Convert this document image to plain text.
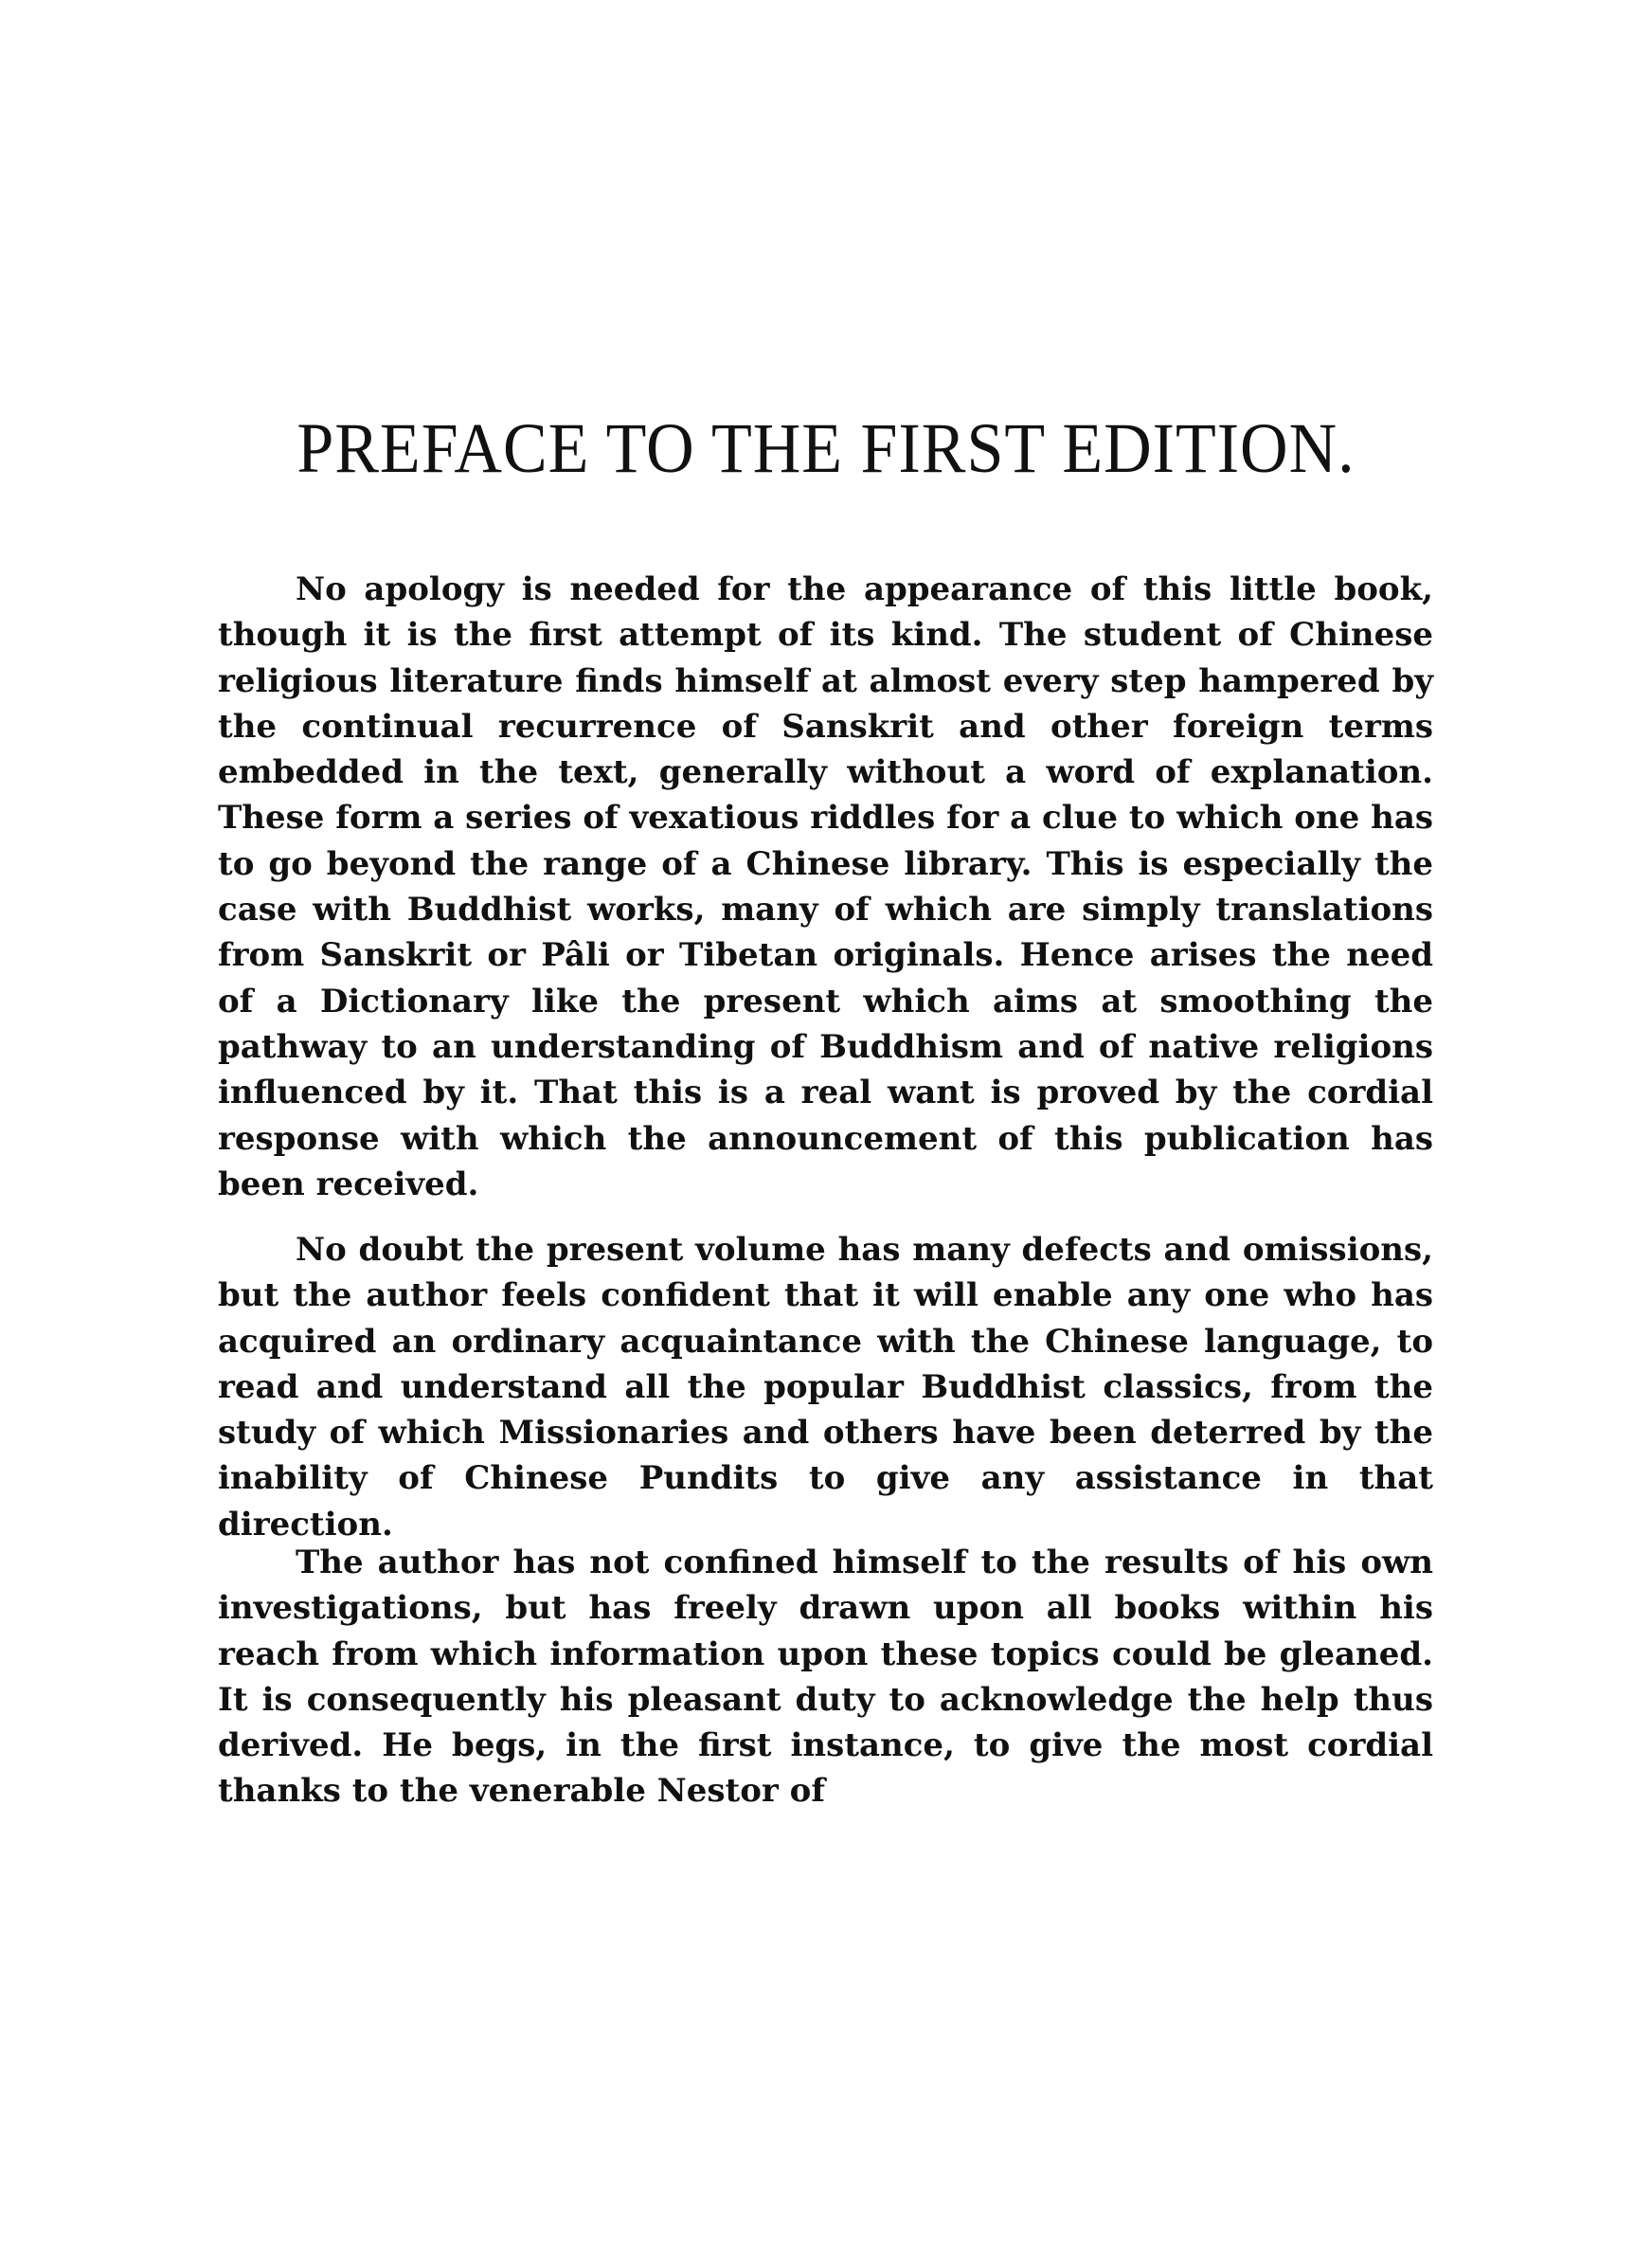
PREFACE TO THE FIRST EDITION.

No apology is needed for the appearance of this little book, though it is the first attempt of its kind. The student of Chinese religious literature finds himself at almost every step hampered by the continual recurrence of Sanskrit and other foreign terms embedded in the text, generally without a word of explanation. These form a series of vexatious riddles for a clue to which one has to go beyond the range of a Chinese library. This is especially the case with Buddhist works, many of which are simply translations from Sanskrit or Pâli or Tibetan originals. Hence arises the need of a Dictionary like the present which aims at smoothing the pathway to an understanding of Buddhism and of native religions influenced by it. That this is a real want is proved by the cordial response with which the announcement of this publication has been received.

No doubt the present volume has many defects and omissions, but the author feels confident that it will enable any one who has acquired an ordinary acquaintance with the Chinese language, to read and understand all the popular Buddhist classics, from the study of which Missionaries and others have been deterred by the inability of Chinese Pundits to give any assistance in that direction.

The author has not confined himself to the results of his own investigations, but has freely drawn upon all books within his reach from which information upon these topics could be gleaned. It is consequently his pleasant duty to acknowledge the help thus derived. He begs, in the first instance, to give the most cordial thanks to the venerable Nestor of
